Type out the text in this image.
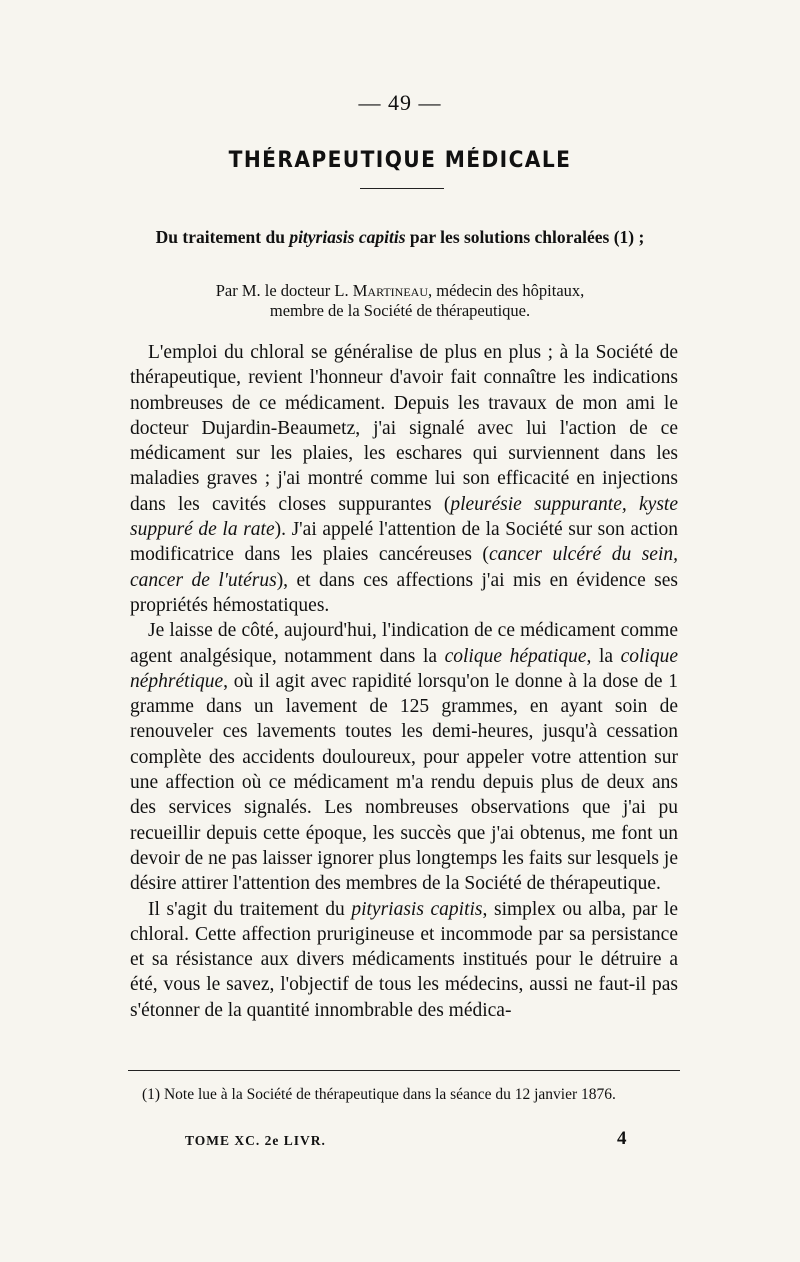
— 49 —
THÉRAPEUTIQUE MÉDICALE
Du traitement du pityriasis capitis par les solutions chloralées (1) ;
Par M. le docteur L. Martineau, médecin des hôpitaux,
membre de la Société de thérapeutique.

L'emploi du chloral se généralise de plus en plus ; à la Société de thérapeutique, revient l'honneur d'avoir fait connaître les indications nombreuses de ce médicament. Depuis les travaux de mon ami le docteur Dujardin-Beaumetz, j'ai signalé avec lui l'action de ce médicament sur les plaies, les eschares qui surviennent dans les maladies graves ; j'ai montré comme lui son efficacité en injections dans les cavités closes suppurantes (pleurésie suppurante, kyste suppuré de la rate). J'ai appelé l'attention de la Société sur son action modificatrice dans les plaies cancéreuses (cancer ulcéré du sein, cancer de l'utérus), et dans ces affections j'ai mis en évidence ses propriétés hémostatiques.

Je laisse de côté, aujourd'hui, l'indication de ce médicament comme agent analgésique, notamment dans la colique hépatique, la colique néphrétique, où il agit avec rapidité lorsqu'on le donne à la dose de 1 gramme dans un lavement de 125 grammes, en ayant soin de renouveler ces lavements toutes les demi-heures, jusqu'à cessation complète des accidents douloureux, pour appeler votre attention sur une affection où ce médicament m'a rendu depuis plus de deux ans des services signalés. Les nombreuses observations que j'ai pu recueillir depuis cette époque, les succès que j'ai obtenus, me font un devoir de ne pas laisser ignorer plus longtemps les faits sur lesquels je désire attirer l'attention des membres de la Société de thérapeutique.

Il s'agit du traitement du pityriasis capitis, simplex ou alba, par le chloral. Cette affection prurigineuse et incommode par sa persistance et sa résistance aux divers médicaments institués pour le détruire a été, vous le savez, l'objectif de tous les médecins, aussi ne faut-il pas s'étonner de la quantité innombrable des médica-

(1) Note lue à la Société de thérapeutique dans la séance du 12 janvier 1876.
TOME XC. 2e LIVR.	4
